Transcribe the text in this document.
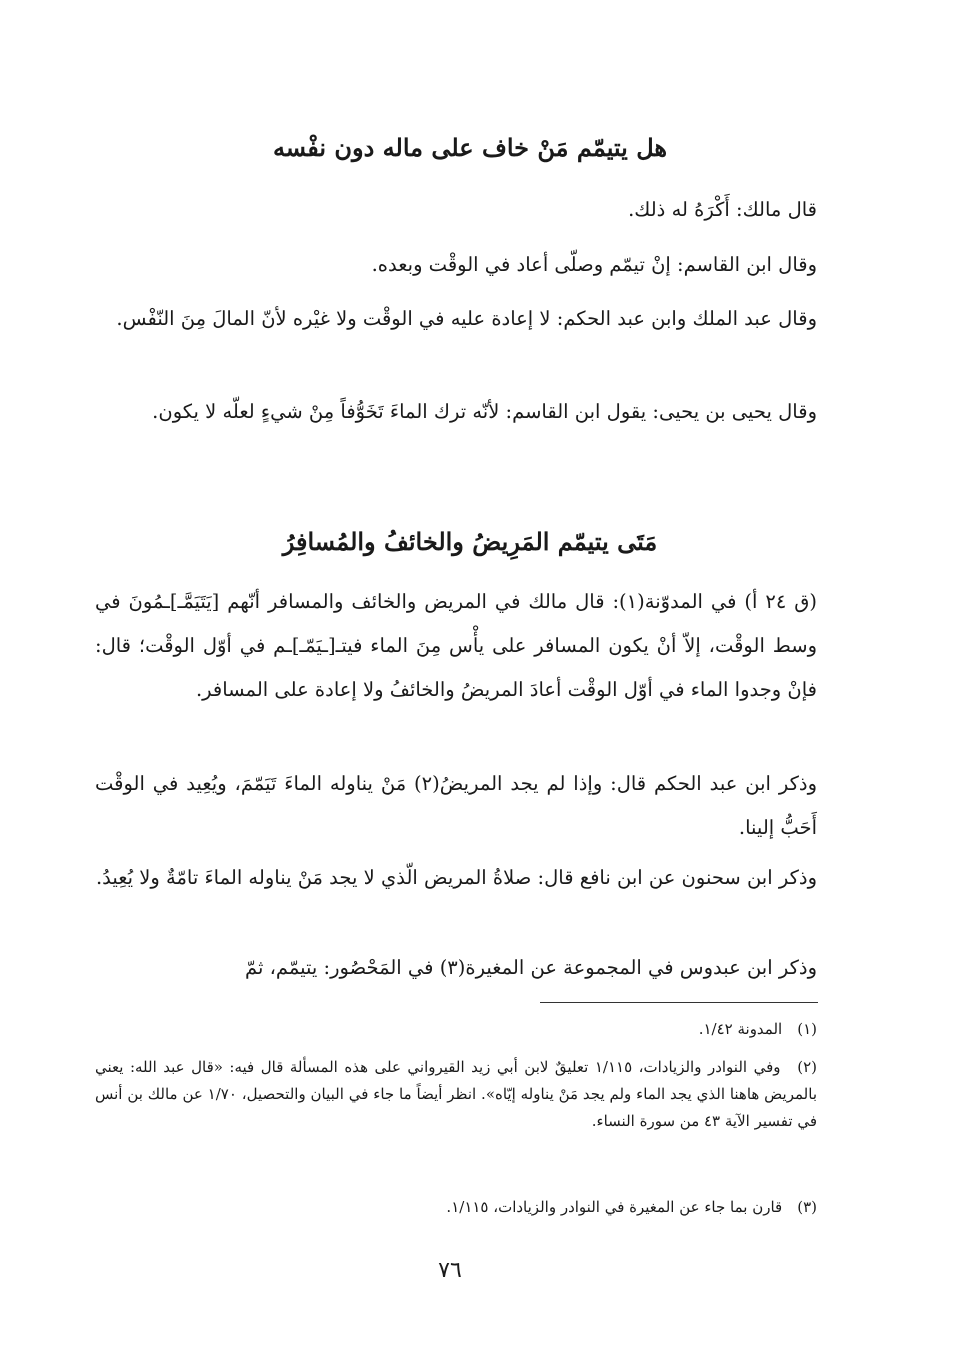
هل يتيمّم مَنْ خاف على ماله دون نفْسه

قال مالك: أَكْرَهُ له ذلك.

وقال ابن القاسم: إنْ تيمّم وصلّى أعاد في الوقْت وبعده.

وقال عبد الملك وابن عبد الحكم: لا إعادة عليه في الوقْت ولا غيْره لأنّ المالَ مِنَ النّفْس.

وقال يحيى بن يحيى: يقول ابن القاسم: لأنّه ترك الماءَ تَخَوُّفاً مِنْ شيءٍ لعلّه لا يكون.

مَتَى يتيمّم المَرِيضُ والخائفُ والمُسافِرُ

(ق ٢٤ أ) في المدوّنة(١): قال مالك في المريض والخائف والمسافر أنّهم [يَتَيَمَّـ]ـمُونَ في وسط الوقْت، إلاّ أنْ يكون المسافر على يأْس مِنَ الماء فيتـ[ـيَمّـ]ـم في أوّل الوقْت؛ قال: فإنْ وجدوا الماء في أوّل الوقْت أعادَ المريضُ والخائفُ ولا إعادة على المسافر.

وذكر ابن عبد الحكم قال: وإذا لم يجد المريضُ(٢) مَنْ يناوله الماءَ تَيَمّمَ، ويُعِيد في الوقْت أَحَبُّ إلينا.

وذكر ابن سحنون عن ابن نافع قال: صلاةُ المريض الّذي لا يجد مَنْ يناوله الماءَ تامّةٌ ولا يُعِيدُ.

وذكر ابن عبدوس في المجموعة عن المغيرة(٣) في المَحْصُور: يتيمّم، ثمّ

(١) المدونة ١/٤٢.

(٢) وفي النوادر والزيادات، ١/١١٥ تعليقٌ لابن أبي زيد القيرواني على هذه المسألة قال فيه: «قال عبد الله: يعني بالمريض هاهنا الذي يجد الماء ولم يجد مَنْ يناوله إيّاه». انظر أيضاً ما جاء في البيان والتحصيل، ١/٧٠ عن مالك بن أنس في تفسير الآية ٤٣ من سورة النساء.

(٣) قارن بما جاء عن المغيرة في النوادر والزيادات، ١/١١٥.

٧٦
